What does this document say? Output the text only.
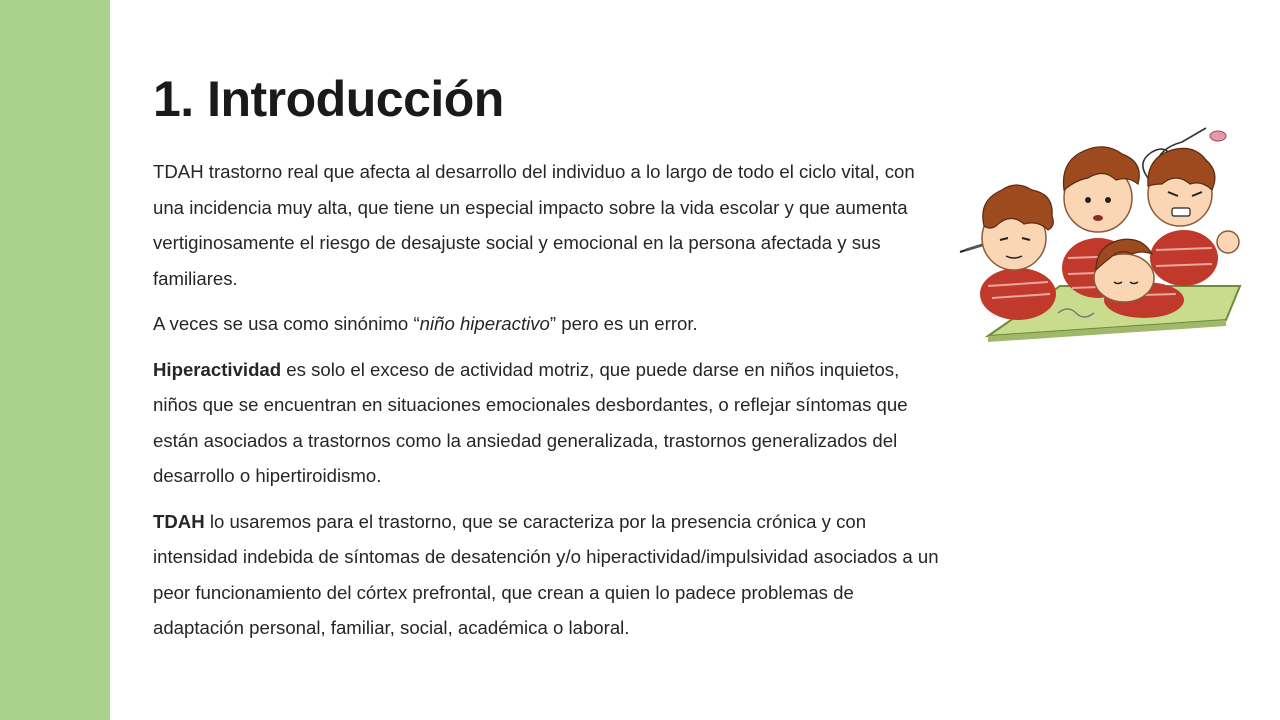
1. Introducción

TDAH trastorno real que afecta al desarrollo del individuo a lo largo de todo el ciclo vital, con una incidencia muy alta, que tiene un especial impacto sobre la vida escolar y que aumenta vertiginosamente el riesgo de desajuste social y emocional en la persona afectada y sus familiares.

A veces se usa como sinónimo “niño hiperactivo” pero es un error.

Hiperactividad es solo el exceso de actividad motriz, que puede darse en niños inquietos, niños que se encuentran en situaciones emocionales desbordantes, o reflejar síntomas que están asociados a trastornos como la ansiedad generalizada, trastornos generalizados del desarrollo o hipertiroidismo.

TDAH lo usaremos para el trastorno, que se caracteriza por la presencia crónica y con intensidad indebida de síntomas de desatención y/o hiperactividad/impulsividad asociados a un peor funcionamiento del córtex prefrontal, que crean a quien lo padece problemas de adaptación personal, familiar, social, académica o laboral.
